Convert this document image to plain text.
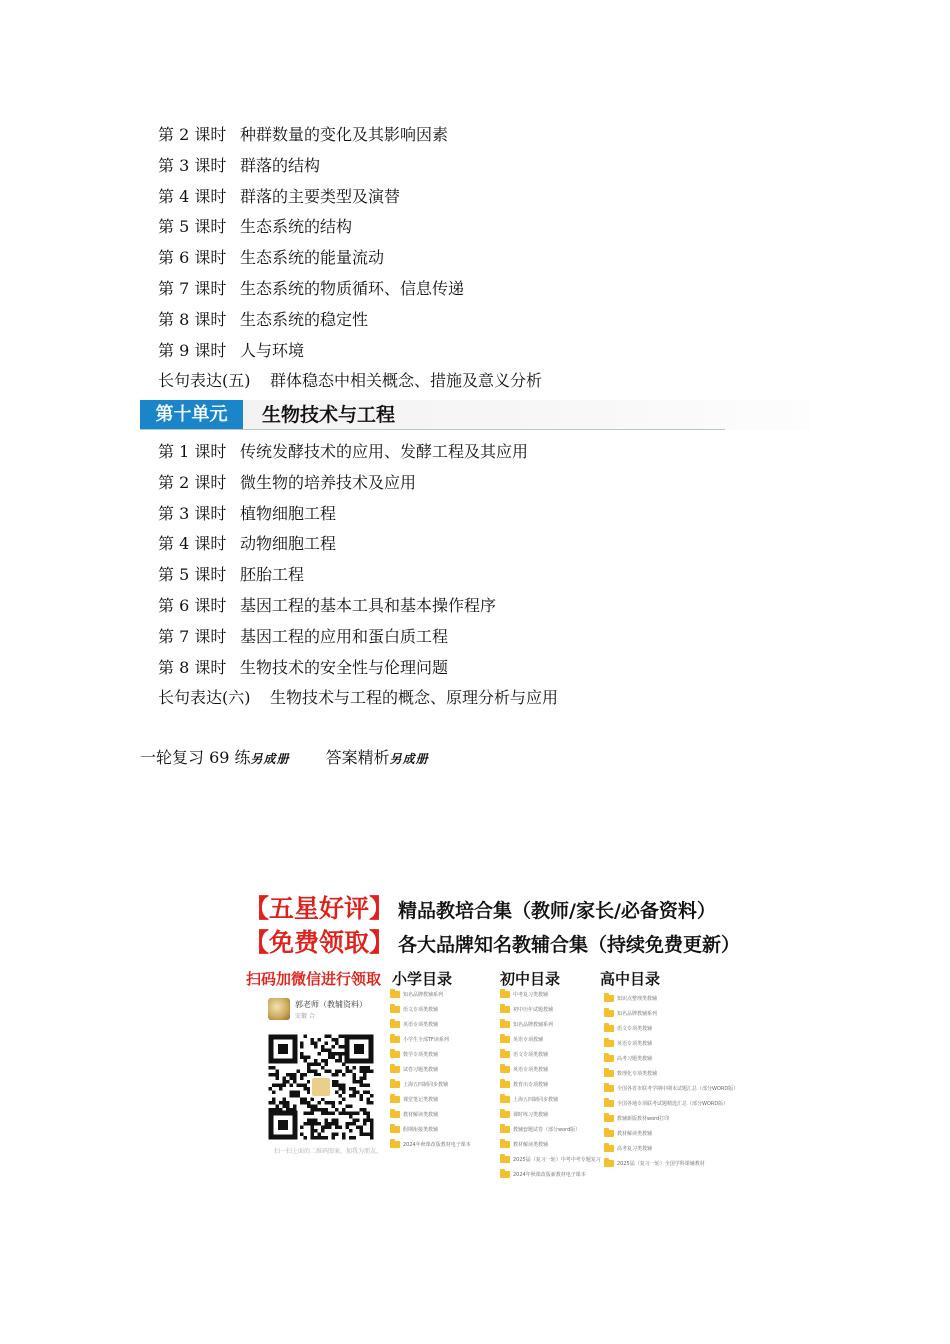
第 2 课时 种群数量的变化及其影响因素
第 3 课时 群落的结构
第 4 课时 群落的主要类型及演替
第 5 课时 生态系统的结构
第 6 课时 生态系统的能量流动
第 7 课时 生态系统的物质循环、信息传递
第 8 课时 生态系统的稳定性
第 9 课时 人与环境
长句表达(五) 群体稳态中相关概念、措施及意义分析
第十单元	生物技术与工程
第 1 课时 传统发酵技术的应用、发酵工程及其应用
第 2 课时 微生物的培养技术及应用
第 3 课时 植物细胞工程
第 4 课时 动物细胞工程
第 5 课时 胚胎工程
第 6 课时 基因工程的基本工具和基本操作程序
第 7 课时 基因工程的应用和蛋白质工程
第 8 课时 生物技术的安全性与伦理问题
长句表达(六) 生物技术与工程的概念、原理分析与应用
一轮复习 69 练另成册 答案精析另成册
【五星好评】 精品教培合集（教师/家长/必备资料）
【免费领取】 各大品牌知名教辅合集（持续免费更新）
扫码加微信进行领取 小学目录	初中目录	高中目录
郭老师（教辅资料）
安徽 合
扫一扫上面的二维码图案，加我为朋友。
知名品牌教辅系列
语文专项类教辅
英语专项类教辅
小学生全部TF读系列
数学专项类教辅
试卷习题类教辅
上海五四制同步教辅
课堂笔记类教辅
教材解读类教辅
假期衔接类教辅
2024年秋课改版教材电子课本
中考复习类教辅
初中历年试题教辅
知名品牌教辅系列
英语专项教辅
语文专项类教辅
英语专项类教辅
教育出专项教辅
上海五四制同步教辅
课时练习类教辅
教辅套题试卷（部分word版）
教材解读类教辅
2025届（复习一轮）中考中考专题复习
2024年秋课改版新教材电子课本
知识点整理类教辅
知名品牌教辅系列
语文专项类教辅
英语专项类教辅
高考习题类教辅
数理化专项类教辅
全国各省市联考学期中期末试题汇总（部分WORD版）
全国各地专项联考试题精选汇总（部分WORD版）
教辅新版教材word打印
教材解读类教辅
高考复习类教辅
2025届（复习一轮）全国学科课辅教材
